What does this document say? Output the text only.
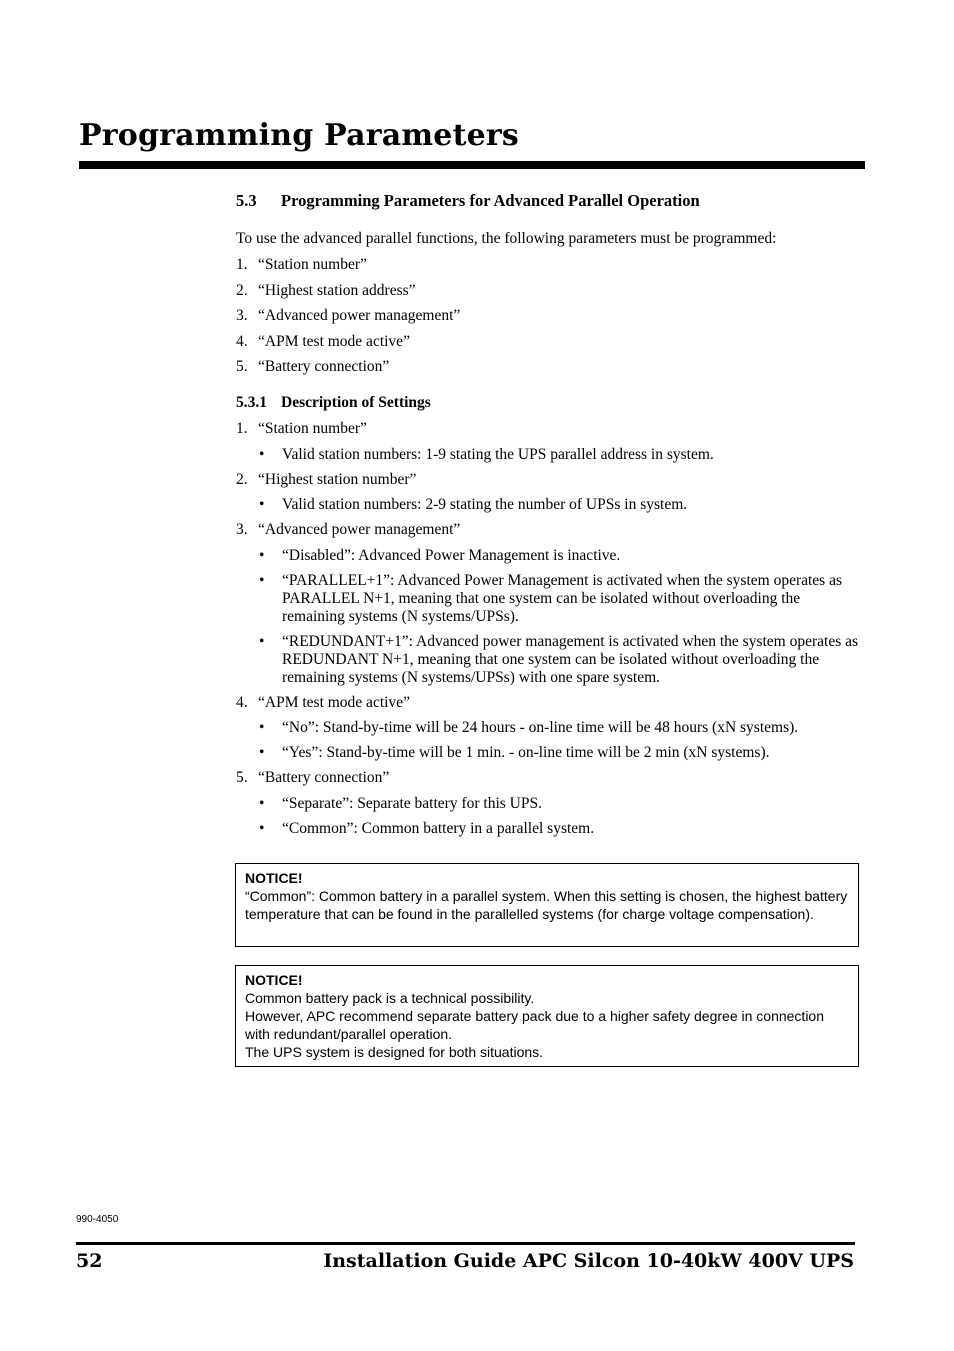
Programming Parameters
5.3	Programming Parameters for Advanced Parallel Operation
To use the advanced parallel functions, the following parameters must be programmed:
1. “Station number”
2. “Highest station address”
3. “Advanced power management”
4. “APM test mode active”
5. “Battery connection”
5.3.1 Description of Settings
1. “Station number”
•	Valid station numbers: 1-9 stating the UPS parallel address in system.
2. “Highest station number”
•	Valid station numbers: 2-9 stating the number of UPSs in system.
3. “Advanced power management”
•	“Disabled”: Advanced Power Management is inactive.
•	“PARALLEL+1”: Advanced Power Management is activated when the system operates as PARALLEL N+1, meaning that one system can be isolated without overloading the remaining systems (N systems/UPSs).
•	“REDUNDANT+1”: Advanced power management is activated when the system operates as REDUNDANT N+1, meaning that one system can be isolated without overloading the remaining systems (N systems/UPSs) with one spare system.
4. “APM test mode active”
•	“No”: Stand-by-time will be 24 hours - on-line time will be 48 hours (xN systems).
•	“Yes”: Stand-by-time will be 1 min. - on-line time will be 2 min (xN systems).
5. “Battery connection”
•	“Separate”: Separate battery for this UPS.
•	“Common”: Common battery in a parallel system.
NOTICE!
“Common”: Common battery in a parallel system. When this setting is chosen, the highest battery temperature that can be found in the parallelled systems (for charge voltage compensation).
NOTICE!
Common battery pack is a technical possibility.
However, APC recommend separate battery pack due to a higher safety degree in connection with redundant/parallel operation.
The UPS system is designed for both situations.
990-4050
52	Installation Guide APC Silcon 10-40kW 400V UPS
